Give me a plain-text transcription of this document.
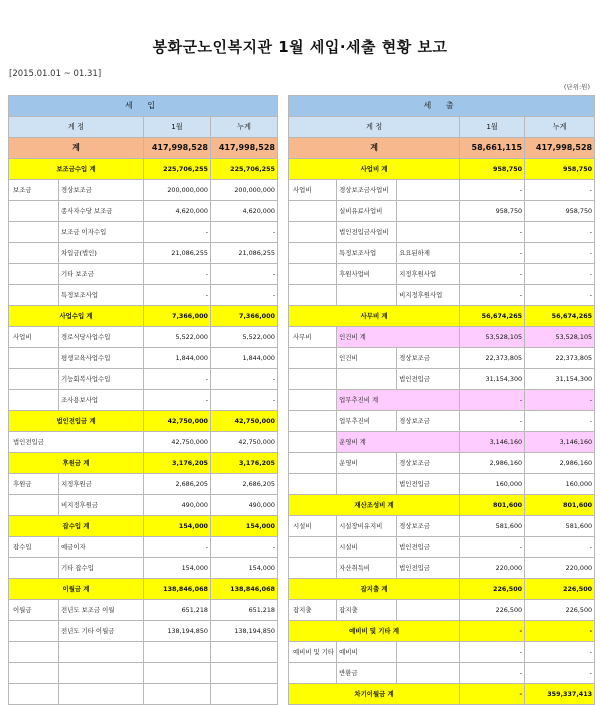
봉화군노인복지관 1월 세입·세출 현황 보고
[2015.01.01 ~ 01.31]
(단위:원)
세 입					세 출				
계 정		1월	누계		계 정			1월	누계
계		417,998,528	417,998,528		계			58,661,115	417,998,528
보조금수입 계		225,706,255	225,706,255		사업비 계			958,750	958,750
보조금	경상보조금	200,000,000	200,000,000		사업비	경상보조금사업비		-	-
	종사자수당 보조금	4,620,000	4,620,000			실비유료사업비		958,750	958,750
	보조금 이자수입	-	-			법인전입금사업비		-	-
	차입금(법인)	21,086,255	21,086,255			특정보조사업	요요된하제	-	-
	기타 보조금	-	-			후원사업비	지정후원사업	-	-
	특정보조사업	-	-				비지정후원사업	-	-
사업수입 계		7,366,000	7,366,000		사무비 계			56,674,265	56,674,265
사업비	경로식당사업수입	5,522,000	5,522,000		사무비	인건비 계		53,528,105	53,528,105
	평생교육사업수입	1,844,000	1,844,000			인건비	경상보조금	22,373,805	22,373,805
	기능회복사업수입	-	-				법인전입금	31,154,300	31,154,300
	조사용보사업	-	-			업무추진비 계		-	-
법인전입금 계		42,750,000	42,750,000			업무추진비	경상보조금	-	-
법인전입금		42,750,000	42,750,000			운영비 계		3,146,160	3,146,160
후원금 계		3,176,205	3,176,205			운영비	경상보조금	2,986,160	2,986,160
후원금	지정후원금	2,686,205	2,686,205				법인전입금	160,000	160,000
	비지정후원금	490,000	490,000		재산조성비 계			801,600	801,600
잡수입 계		154,000	154,000		시설비	시설장비유지비	경상보조금	581,600	581,600
잡수입	예금이자	-	-			시설비	법인전입금	-	-
	기타 잡수입	154,000	154,000			자산취득비	법인전입금	220,000	220,000
이월금 계		138,846,068	138,846,068		잡지출 계			226,500	226,500
이월금	전년도 보조금 이월	651,218	651,218		잡지출	잡지출		226,500	226,500
	전년도 기타 이월금	138,194,850	138,194,850		예비비 및 기타 계			-	-
					예비비 및 기타	예비비		-	-
						반환금		-	-
					차기이월금 계			-	359,337,413
